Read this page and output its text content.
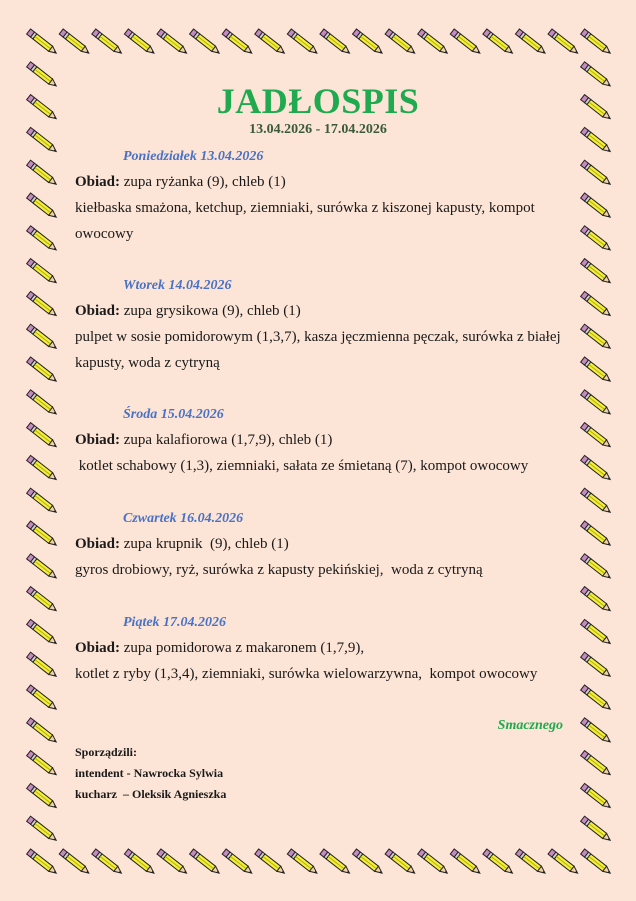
JADŁOSPIS
13.04.2026 - 17.04.2026
Poniedziałek 13.04.2026
Obiad: zupa ryżanka (9), chleb (1)
kiełbaska smażona, ketchup, ziemniaki, surówka z kiszonej kapusty, kompot
owocowy
Wtorek 14.04.2026
Obiad: zupa grysikowa (9), chleb (1)
pulpet w sosie pomidorowym (1,3,7), kasza jęczmienna pęczak, surówka z białej
kapusty, woda z cytryną
Środa 15.04.2026
Obiad: zupa kalafiorowa (1,7,9), chleb (1)
kotlet schabowy (1,3), ziemniaki, sałata ze śmietaną (7), kompot owocowy
Czwartek 16.04.2026
Obiad: zupa krupnik  (9), chleb (1)
gyros drobiowy, ryż, surówka z kapusty pekińskiej,  woda z cytryną
Piątek 17.04.2026
Obiad: zupa pomidorowa z makaronem (1,7,9),
kotlet z ryby (1,3,4), ziemniaki, surówka wielowarzywna,  kompot owocowy
Smacznego
Sporządzili:
intendent - Nawrocka Sylwia
kucharz  – Oleksik Agnieszka
